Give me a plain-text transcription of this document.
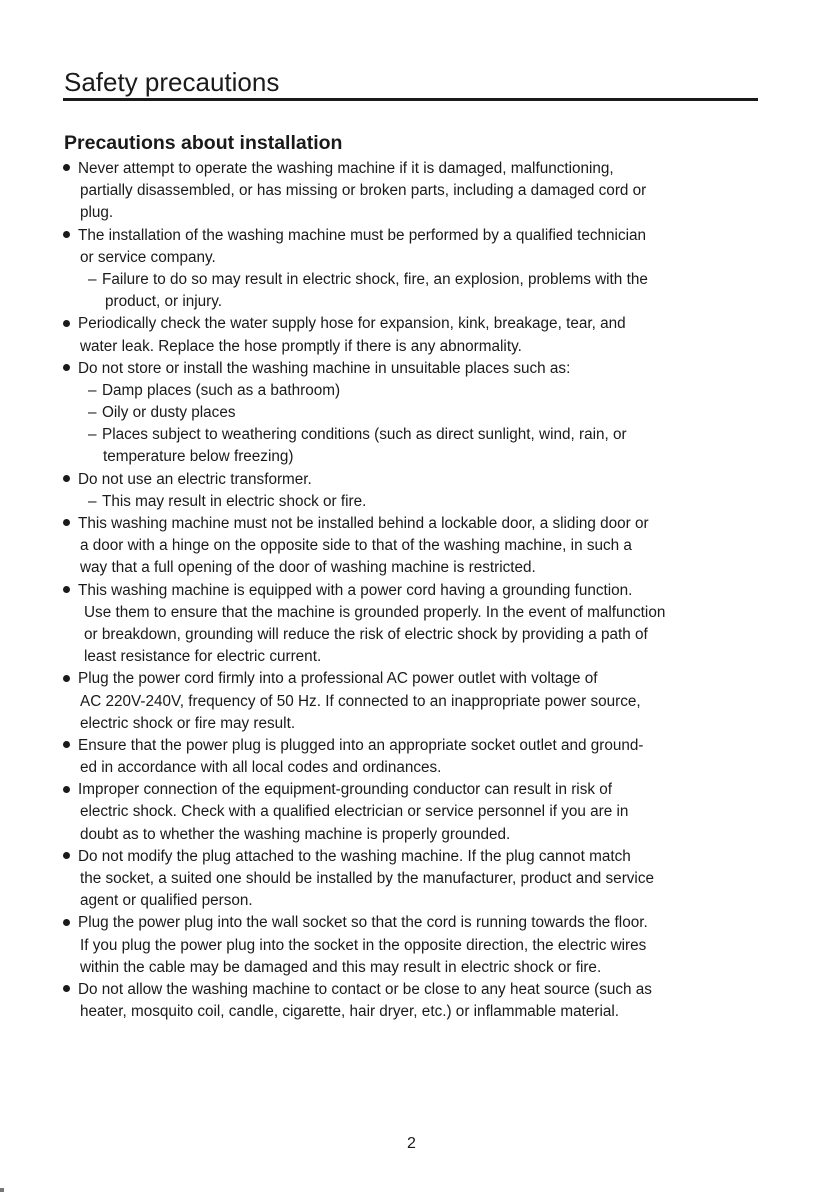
Safety precautions
Precautions about installation
Never attempt to operate the washing machine if it is damaged, malfunctioning,
partially disassembled, or has missing or broken parts, including a damaged cord or
plug.
The installation of the washing machine must be performed by a qualified technician
or service company.
– Failure to do so may result in electric shock, fire, an explosion, problems with the
product, or injury.
Periodically check the water supply hose for expansion, kink, breakage, tear, and
water leak. Replace the hose promptly if there is any abnormality.
Do not store or install the washing machine in unsuitable places such as:
– Damp places (such as a bathroom)
– Oily or dusty places
– Places subject to weathering conditions (such as direct sunlight, wind, rain, or
temperature below freezing)
Do not use an electric transformer.
– This may result in electric shock or fire.
This washing machine must not be installed behind a lockable door, a sliding door or
a door with a hinge on the opposite side to that of the washing machine, in such a
way that a full opening of the door of washing machine is restricted.
This washing machine is equipped with a power cord having a grounding function.
Use them to ensure that the machine is grounded properly. In the event of malfunction
or breakdown, grounding will reduce the risk of electric shock by providing a path of
least resistance for electric current.
Plug the power cord firmly into a professional AC power outlet with voltage of
AC 220V-240V, frequency of 50 Hz. If connected to an inappropriate power source,
electric shock or fire may result.
Ensure that the power plug is plugged into an appropriate socket outlet and ground-
ed in accordance with all local codes and ordinances.
Improper connection of the equipment-grounding conductor can result in risk of
electric shock. Check with a qualified electrician or service personnel if you are in
doubt as to whether the washing machine is properly grounded.
Do not modify the plug attached to the washing machine. If the plug cannot match
the socket, a suited one should be installed by the manufacturer, product and service
agent or qualified person.
Plug the power plug into the wall socket so that the cord is running towards the floor.
If you plug the power plug into the socket in the opposite direction, the electric wires
within the cable may be damaged and this may result in electric shock or fire.
Do not allow the washing machine to contact or be close to any heat source (such as
heater, mosquito coil, candle, cigarette, hair dryer, etc.) or inflammable material.
2
